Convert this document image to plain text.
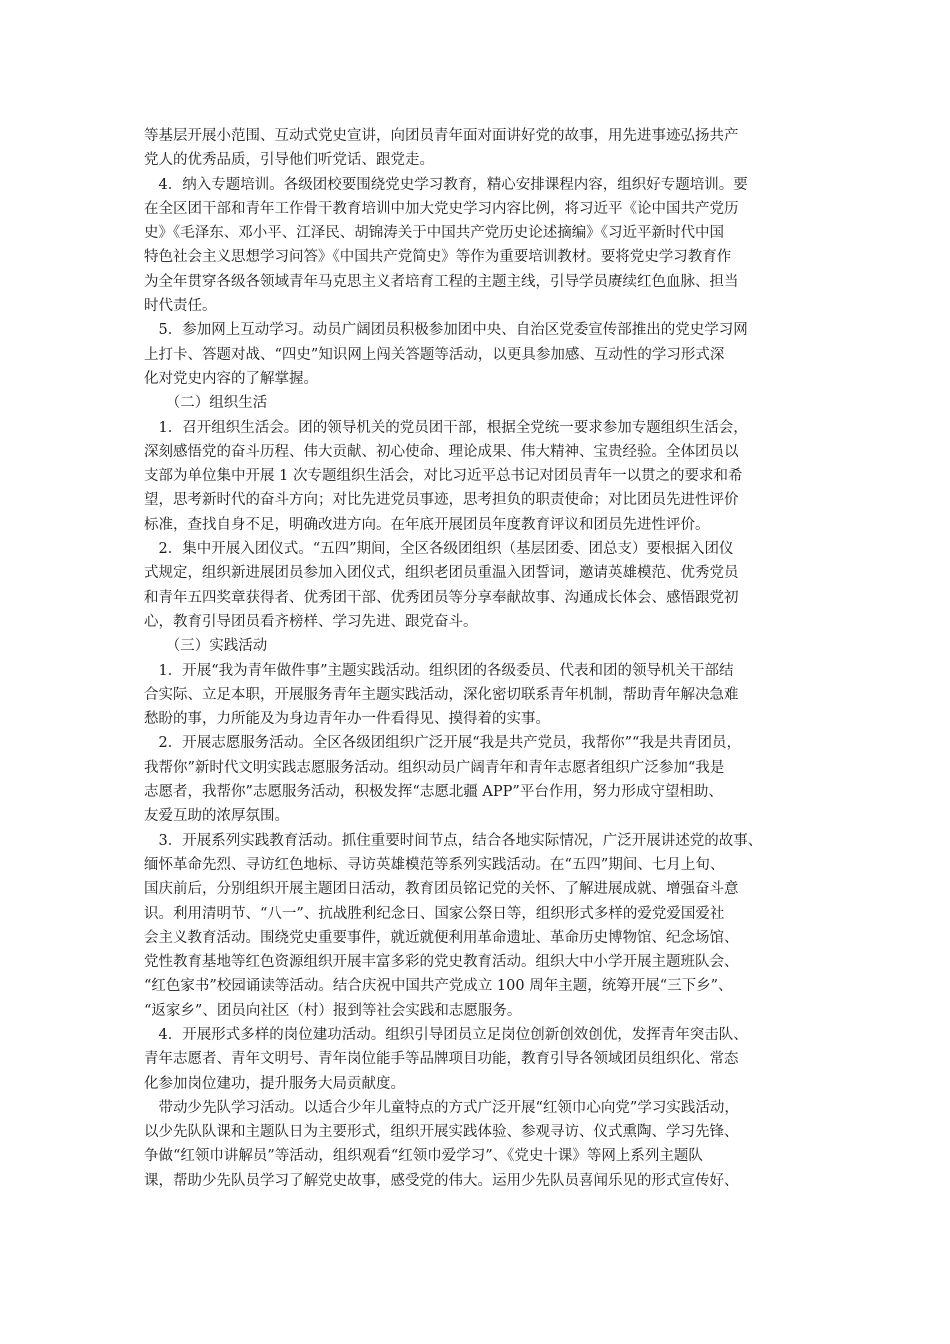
等基层开展小范围、互动式党史宣讲，向团员青年面对面讲好党的故事，用先进事迹弘扬共产
党人的优秀品质，引导他们听党话、跟党走。
　4．纳入专题培训。各级团校要围绕党史学习教育，精心安排课程内容，组织好专题培训。要
在全区团干部和青年工作骨干教育培训中加大党史学习内容比例，将习近平《论中国共产党历
史》《毛泽东、邓小平、江泽民、胡锦涛关于中国共产党历史论述摘编》《习近平新时代中国
特色社会主义思想学习问答》《中国共产党简史》等作为重要培训教材。要将党史学习教育作
为全年贯穿各级各领域青年马克思主义者培育工程的主题主线，引导学员赓续红色血脉、担当
时代责任。
　5．参加网上互动学习。动员广阔团员积极参加团中央、自治区党委宣传部推出的党史学习网
上打卡、答题对战、“四史”知识网上闯关答题等活动，以更具参加感、互动性的学习形式深
化对党史内容的了解掌握。
　　（二）组织生活
　1．召开组织生活会。团的领导机关的党员团干部，根据全党统一要求参加专题组织生活会，
深刻感悟党的奋斗历程、伟大贡献、初心使命、理论成果、伟大精神、宝贵经验。全体团员以
支部为单位集中开展 1 次专题组织生活会，对比习近平总书记对团员青年一以贯之的要求和希
望，思考新时代的奋斗方向；对比先进党员事迹，思考担负的职责使命；对比团员先进性评价
标准，查找自身不足，明确改进方向。在年底开展团员年度教育评议和团员先进性评价。
　2．集中开展入团仪式。“五四”期间，全区各级团组织（基层团委、团总支）要根据入团仪
式规定，组织新进展团员参加入团仪式，组织老团员重温入团誓词，邀请英雄模范、优秀党员
和青年五四奖章获得者、优秀团干部、优秀团员等分享奉献故事、沟通成长体会、感悟跟党初
心，教育引导团员看齐榜样、学习先进、跟党奋斗。
　　（三）实践活动
　1．开展“我为青年做件事”主题实践活动。组织团的各级委员、代表和团的领导机关干部结
合实际、立足本职，开展服务青年主题实践活动，深化密切联系青年机制，帮助青年解决急难
愁盼的事，力所能及为身边青年办一件看得见、摸得着的实事。
　2．开展志愿服务活动。全区各级团组织广泛开展“我是共产党员，我帮你”“我是共青团员，
我帮你”新时代文明实践志愿服务活动。组织动员广阔青年和青年志愿者组织广泛参加“我是
志愿者，我帮你”志愿服务活动，积极发挥“志愿北疆 APP”平台作用，努力形成守望相助、
友爱互助的浓厚氛围。
　3．开展系列实践教育活动。抓住重要时间节点，结合各地实际情况，广泛开展讲述党的故事、
缅怀革命先烈、寻访红色地标、寻访英雄模范等系列实践活动。在“五四”期间、七月上旬、
国庆前后，分别组织开展主题团日活动，教育团员铭记党的关怀、了解进展成就、增强奋斗意
识。利用清明节、“八一”、抗战胜利纪念日、国家公祭日等，组织形式多样的爱党爱国爱社
会主义教育活动。围绕党史重要事件，就近就便利用革命遗址、革命历史博物馆、纪念场馆、
党性教育基地等红色资源组织开展丰富多彩的党史教育活动。组织大中小学开展主题班队会、
“红色家书”校园诵读等活动。结合庆祝中国共产党成立 100 周年主题，统筹开展“三下乡”、
“返家乡”、团员向社区（村）报到等社会实践和志愿服务。
　4．开展形式多样的岗位建功活动。组织引导团员立足岗位创新创效创优，发挥青年突击队、
青年志愿者、青年文明号、青年岗位能手等品牌项目功能，教育引导各领域团员组织化、常态
化参加岗位建功，提升服务大局贡献度。
　带动少先队学习活动。以适合少年儿童特点的方式广泛开展“红领巾心向党”学习实践活动，
以少先队队课和主题队日为主要形式，组织开展实践体验、参观寻访、仪式熏陶、学习先锋、
争做“红领巾讲解员”等活动，组织观看“红领巾爱学习”、《党史十课》等网上系列主题队
课，帮助少先队员学习了解党史故事，感受党的伟大。运用少先队员喜闻乐见的形式宣传好、
